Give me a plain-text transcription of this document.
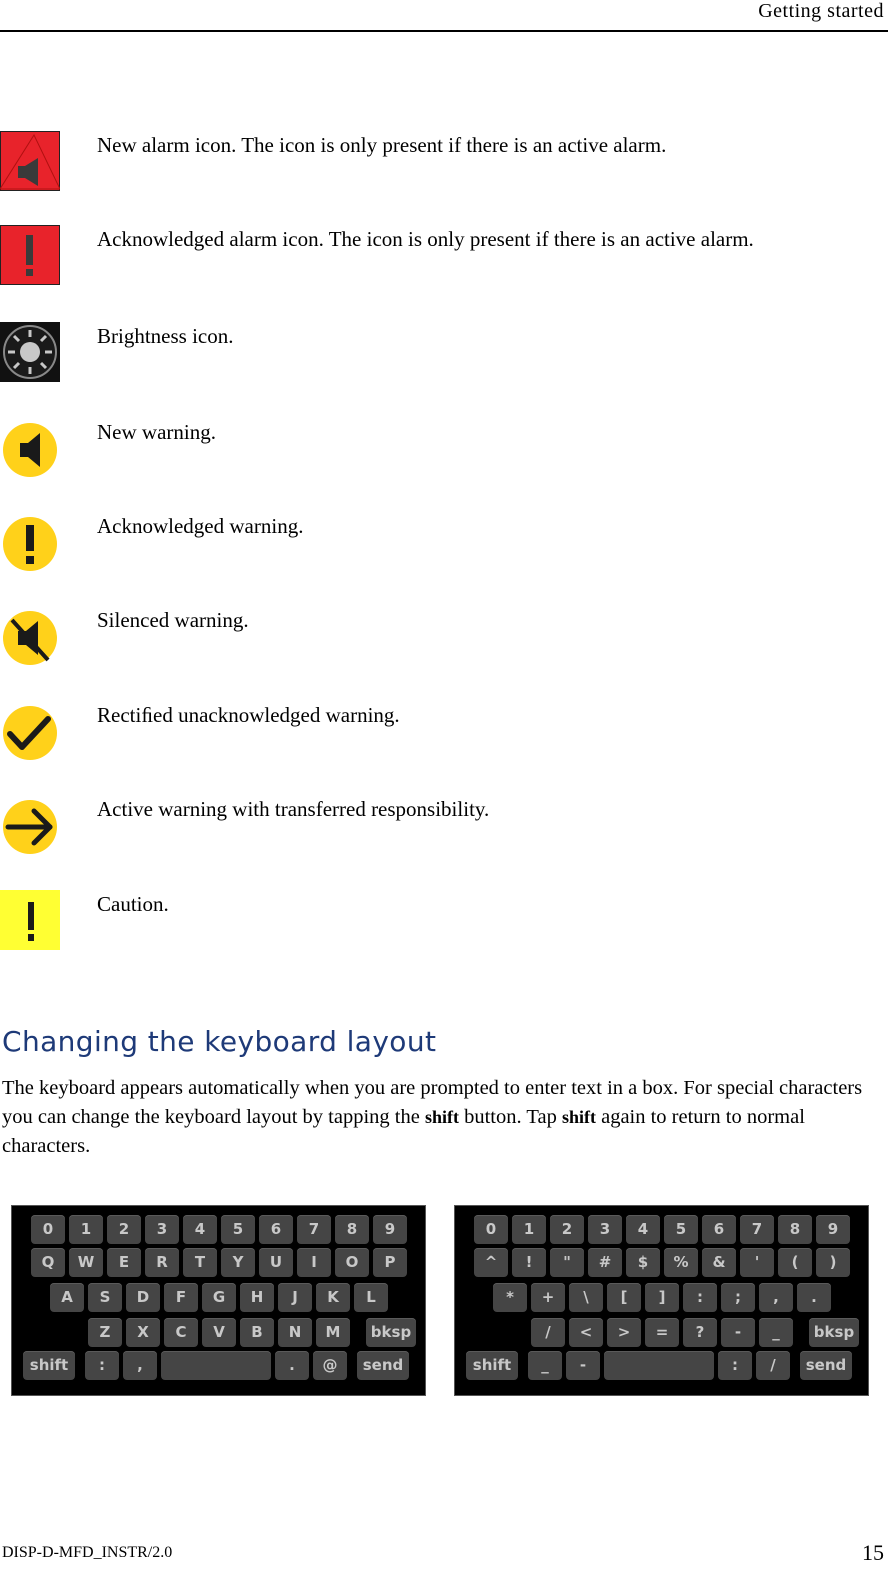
Getting started
New alarm icon. The icon is only present if there is an active alarm.
Acknowledged alarm icon. The icon is only present if there is an active alarm.
Brightness icon.
New warning.
Acknowledged warning.
Silenced warning.
Rectiﬁed unacknowledged warning.
Active warning with transferred responsibility.
Caution.
Changing the keyboard layout

The keyboard appears automatically when you are prompted to enter text in a box. For special characters you can change the keyboard layout by tapping the shift button. Tap shift again to return to normal characters.

0	1	2	3	4	5	6	7	8	9
Q	W	E	R	T	Y	U	I	O	P
A	S	D	F	G	H	J	K	L
Z	X	C	V	B	N	M	bksp
shift	:	,	.	@	send
0	1	2	3	4	5	6	7	8	9
^	!	"	#	$	%	&	'	(	)
*	+	\	[	]	:	;	,	.
/	<	>	=	?	-	_	bksp
shift	_	-	:	/	send
DISP-D-MFD_INSTR/2.0	15
